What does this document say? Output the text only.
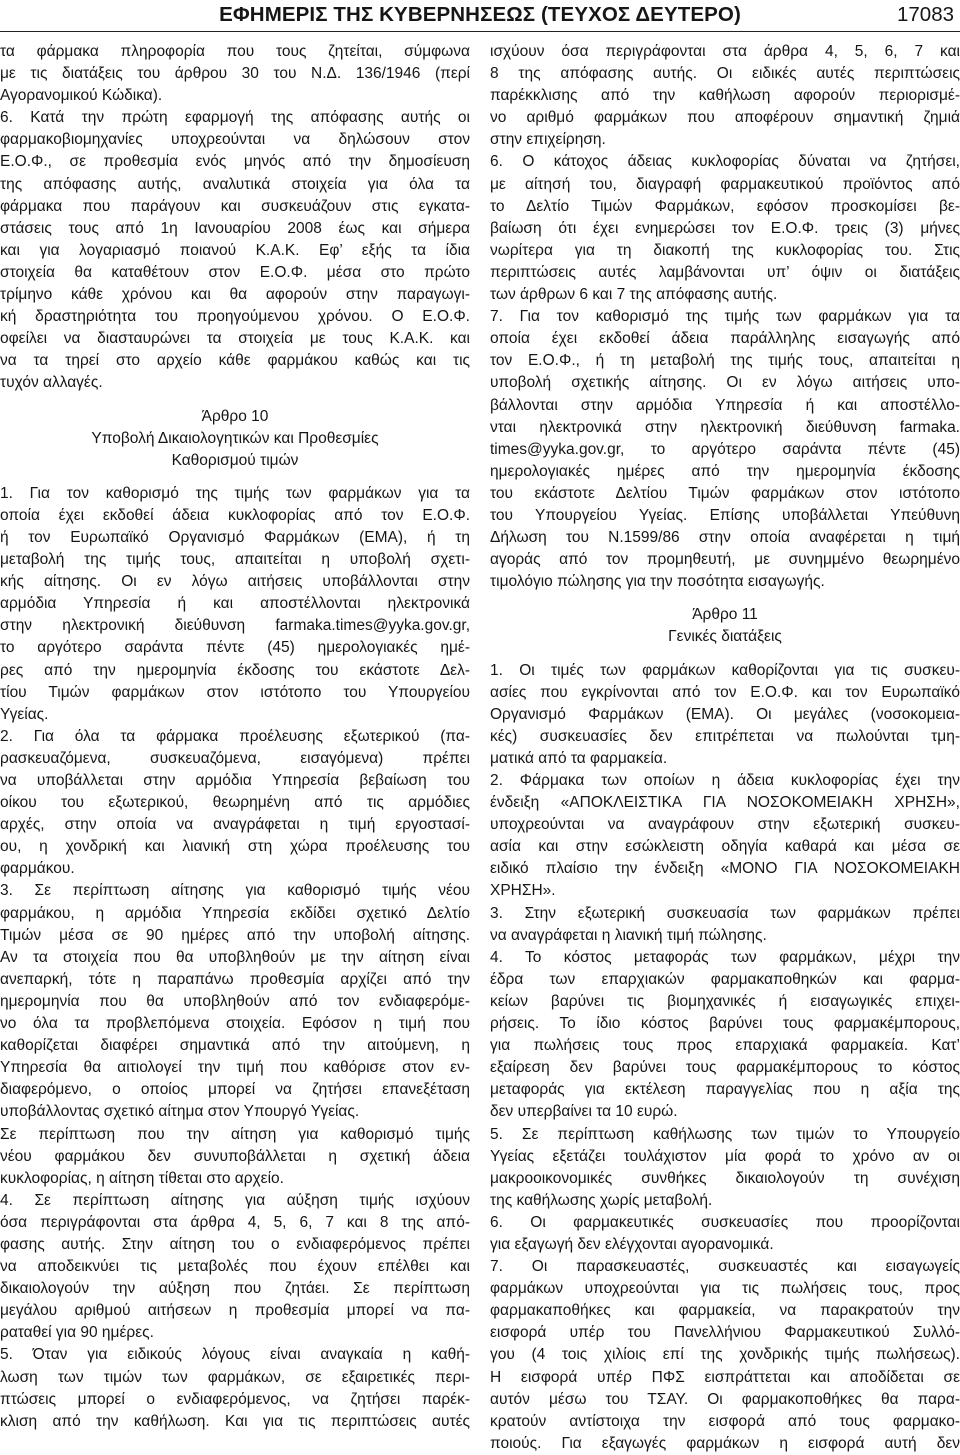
ΕΦΗΜΕΡΙΣ ΤΗΣ ΚΥΒΕΡΝΗΣΕΩΣ (ΤΕΥΧΟΣ ΔΕΥΤΕΡΟ)	17083
τα φάρμακα πληροφορία που τους ζητείται, σύμφωνα
με τις διατάξεις του άρθρου 30 του Ν.Δ. 136/1946 (περί
Αγορανομικού Κώδικα).
6. Κατά την πρώτη εφαρμογή της απόφασης αυτής οι
φαρμακοβιομηχανίες υποχρεούνται να δηλώσουν στον
Ε.Ο.Φ., σε προθεσμία ενός μηνός από την δημοσίευση
της απόφασης αυτής, αναλυτικά στοιχεία για όλα τα
φάρμακα που παράγουν και συσκευάζουν στις εγκατα-
στάσεις τους από 1η Ιανουαρίου 2008 έως και σήμερα
και για λογαριασμό ποιανού Κ.Α.Κ. Εφ’ εξής τα ίδια
στοιχεία θα καταθέτουν στον Ε.Ο.Φ. μέσα στο πρώτο
τρίμηνο κάθε χρόνου και θα αφορούν στην παραγωγι-
κή δραστηριότητα του προηγούμενου χρόνου. Ο Ε.Ο.Φ.
οφείλει να διασταυρώνει τα στοιχεία με τους Κ.Α.Κ. και
να τα τηρεί στο αρχείο κάθε φαρμάκου καθώς και τις
τυχόν αλλαγές.
Άρθρο 10
Υποβολή Δικαιολογητικών και Προθεσμίες
Καθορισμού τιμών
1. Για τον καθορισμό της τιμής των φαρμάκων για τα
οποία έχει εκδοθεί άδεια κυκλοφορίας από τον Ε.Ο.Φ.
ή τον Ευρωπαϊκό Οργανισμό Φαρμάκων (ΕΜΑ), ή τη
μεταβολή της τιμής τους, απαιτείται η υποβολή σχετι-
κής αίτησης. Οι εν λόγω αιτήσεις υποβάλλονται στην
αρμόδια Υπηρεσία ή και αποστέλλονται ηλεκτρονικά
στην ηλεκτρονική διεύθυνση farmaka.times@yyka.gov.gr,
το αργότερο σαράντα πέντε (45) ημερολογιακές ημέ-
ρες από την ημερομηνία έκδοσης του εκάστοτε Δελ-
τίου Τιμών φαρμάκων στον ιστότοπο του Υπουργείου
Υγείας.
2. Για όλα τα φάρμακα προέλευσης εξωτερικού (πα-
ρασκευαζόμενα, συσκευαζόμενα, εισαγόμενα) πρέπει
να υποβάλλεται στην αρμόδια Υπηρεσία βεβαίωση του
οίκου του εξωτερικού, θεωρημένη από τις αρμόδιες
αρχές, στην οποία να αναγράφεται η τιμή εργοστασί-
ου, η χονδρική και λιανική στη χώρα προέλευσης του
φαρμάκου.
3. Σε περίπτωση αίτησης για καθορισμό τιμής νέου
φαρμάκου, η αρμόδια Υπηρεσία εκδίδει σχετικό Δελτίο
Τιμών μέσα σε 90 ημέρες από την υποβολή αίτησης.
Αν τα στοιχεία που θα υποβληθούν με την αίτηση είναι
ανεπαρκή, τότε η παραπάνω προθεσμία αρχίζει από την
ημερομηνία που θα υποβληθούν από τον ενδιαφερόμε-
νο όλα τα προβλεπόμενα στοιχεία. Εφόσον η τιμή που
καθορίζεται διαφέρει σημαντικά από την αιτούμενη, η
Υπηρεσία θα αιτιολογεί την τιμή που καθόρισε στον εν-
διαφερόμενο, ο οποίος μπορεί να ζητήσει επανεξέταση
υποβάλλοντας σχετικό αίτημα στον Υπουργό Υγείας.
Σε περίπτωση που την αίτηση για καθορισμό τιμής
νέου φαρμάκου δεν συνυποβάλλεται η σχετική άδεια
κυκλοφορίας, η αίτηση τίθεται στο αρχείο.
4. Σε περίπτωση αίτησης για αύξηση τιμής ισχύουν
όσα περιγράφονται στα άρθρα 4, 5, 6, 7 και 8 της από-
φασης αυτής. Στην αίτηση του ο ενδιαφερόμενος πρέπει
να αποδεικνύει τις μεταβολές που έχουν επέλθει και
δικαιολογούν την αύξηση που ζητάει. Σε περίπτωση
μεγάλου αριθμού αιτήσεων η προθεσμία μπορεί να πα-
ραταθεί για 90 ημέρες.
5. Όταν για ειδικούς λόγους είναι αναγκαία η καθή-
λωση των τιμών των φαρμάκων, σε εξαιρετικές περι-
πτώσεις μπορεί ο ενδιαφερόμενος, να ζητήσει παρέκ-
κλιση από την καθήλωση. Και για τις περιπτώσεις αυτές
ισχύουν όσα περιγράφονται στα άρθρα 4, 5, 6, 7 και
8 της απόφασης αυτής. Οι ειδικές αυτές περιπτώσεις
παρέκκλισης από την καθήλωση αφορούν περιορισμέ-
νο αριθμό φαρμάκων που αποφέρουν σημαντική ζημιά
στην επιχείρηση.
6. Ο κάτοχος άδειας κυκλοφορίας δύναται να ζητήσει,
με αίτησή του, διαγραφή φαρμακευτικού προϊόντος από
το Δελτίο Τιμών Φαρμάκων, εφόσον προσκομίσει βε-
βαίωση ότι έχει ενημερώσει τον Ε.Ο.Φ. τρεις (3) μήνες
νωρίτερα για τη διακοπή της κυκλοφορίας του. Στις
περιπτώσεις αυτές λαμβάνονται υπ’ όψιν οι διατάξεις
των άρθρων 6 και 7 της απόφασης αυτής.
7. Για τον καθορισμό της τιμής των φαρμάκων για τα
οποία έχει εκδοθεί άδεια παράλληλης εισαγωγής από
τον Ε.Ο.Φ., ή τη μεταβολή της τιμής τους, απαιτείται η
υποβολή σχετικής αίτησης. Οι εν λόγω αιτήσεις υπο-
βάλλονται στην αρμόδια Υπηρεσία ή και αποστέλλο-
νται ηλεκτρονικά στην ηλεκτρονική διεύθυνση farmaka.
times@yyka.gov.gr, το αργότερο σαράντα πέντε (45)
ημερολογιακές ημέρες από την ημερομηνία έκδοσης
του εκάστοτε Δελτίου Τιμών φαρμάκων στον ιστότοπο
του Υπουργείου Υγείας. Επίσης υποβάλλεται Υπεύθυνη
Δήλωση του Ν.1599/86 στην οποία αναφέρεται η τιμή
αγοράς από τον προμηθευτή, με συνημμένο θεωρημένο
τιμολόγιο πώλησης για την ποσότητα εισαγωγής.
Άρθρο 11
Γενικές διατάξεις
1. Οι τιμές των φαρμάκων καθορίζονται για τις συσκευ-
ασίες που εγκρίνονται από τον Ε.Ο.Φ. και τον Ευρωπαϊκό
Οργανισμό Φαρμάκων (ΕΜΑ). Οι μεγάλες (νοσοκομεια-
κές) συσκευασίες δεν επιτρέπεται να πωλούνται τμη-
ματικά από τα φαρμακεία.
2. Φάρμακα των οποίων η άδεια κυκλοφορίας έχει την
ένδειξη «ΑΠΟΚΛΕΙΣΤΙΚΑ ΓΙΑ ΝΟΣΟΚΟΜΕΙΑΚΗ ΧΡΗΣΗ»,
υποχρεούνται να αναγράφουν στην εξωτερική συσκευ-
ασία και στην εσώκλειστη οδηγία καθαρά και μέσα σε
ειδικό πλαίσιο την ένδειξη «ΜΟΝΟ ΓΙΑ ΝΟΣΟΚΟΜΕΙΑΚΗ
ΧΡΗΣΗ».
3. Στην εξωτερική συσκευασία των φαρμάκων πρέπει
να αναγράφεται η λιανική τιμή πώλησης.
4. Το κόστος μεταφοράς των φαρμάκων, μέχρι την
έδρα των επαρχιακών φαρμακαποθηκών και φαρμα-
κείων βαρύνει τις βιομηχανικές ή εισαγωγικές επιχει-
ρήσεις. Το ίδιο κόστος βαρύνει τους φαρμακέμπορους,
για πωλήσεις τους προς επαρχιακά φαρμακεία. Κατ’
εξαίρεση δεν βαρύνει τους φαρμακέμπορους το κόστος
μεταφοράς για εκτέλεση παραγγελίας που η αξία της
δεν υπερβαίνει τα 10 ευρώ.
5. Σε περίπτωση καθήλωσης των τιμών το Υπουργείο
Υγείας εξετάζει τουλάχιστον μία φορά το χρόνο αν οι
μακροοικονομικές συνθήκες δικαιολογούν τη συνέχιση
της καθήλωσης χωρίς μεταβολή.
6. Οι φαρμακευτικές συσκευασίες που προορίζονται
για εξαγωγή δεν ελέγχονται αγορανομικά.
7. Οι παρασκευαστές, συσκευαστές και εισαγωγείς
φαρμάκων υποχρεούνται για τις πωλήσεις τους, προς
φαρμακαποθήκες και φαρμακεία, να παρακρατούν την
εισφορά υπέρ του Πανελλήνιου Φαρμακευτικού Συλλό-
γου (4 τοις χιλίοις επί της χονδρικής τιμής πωλήσεως).
Η εισφορά υπέρ ΠΦΣ εισπράττεται και αποδίδεται σε
αυτόν μέσω του ΤΣΑΥ. Οι φαρμακοποθήκες θα παρα-
κρατούν αντίστοιχα την εισφορά από τους φαρμακο-
ποιούς. Για εξαγωγές φαρμάκων η εισφορά αυτή δεν
